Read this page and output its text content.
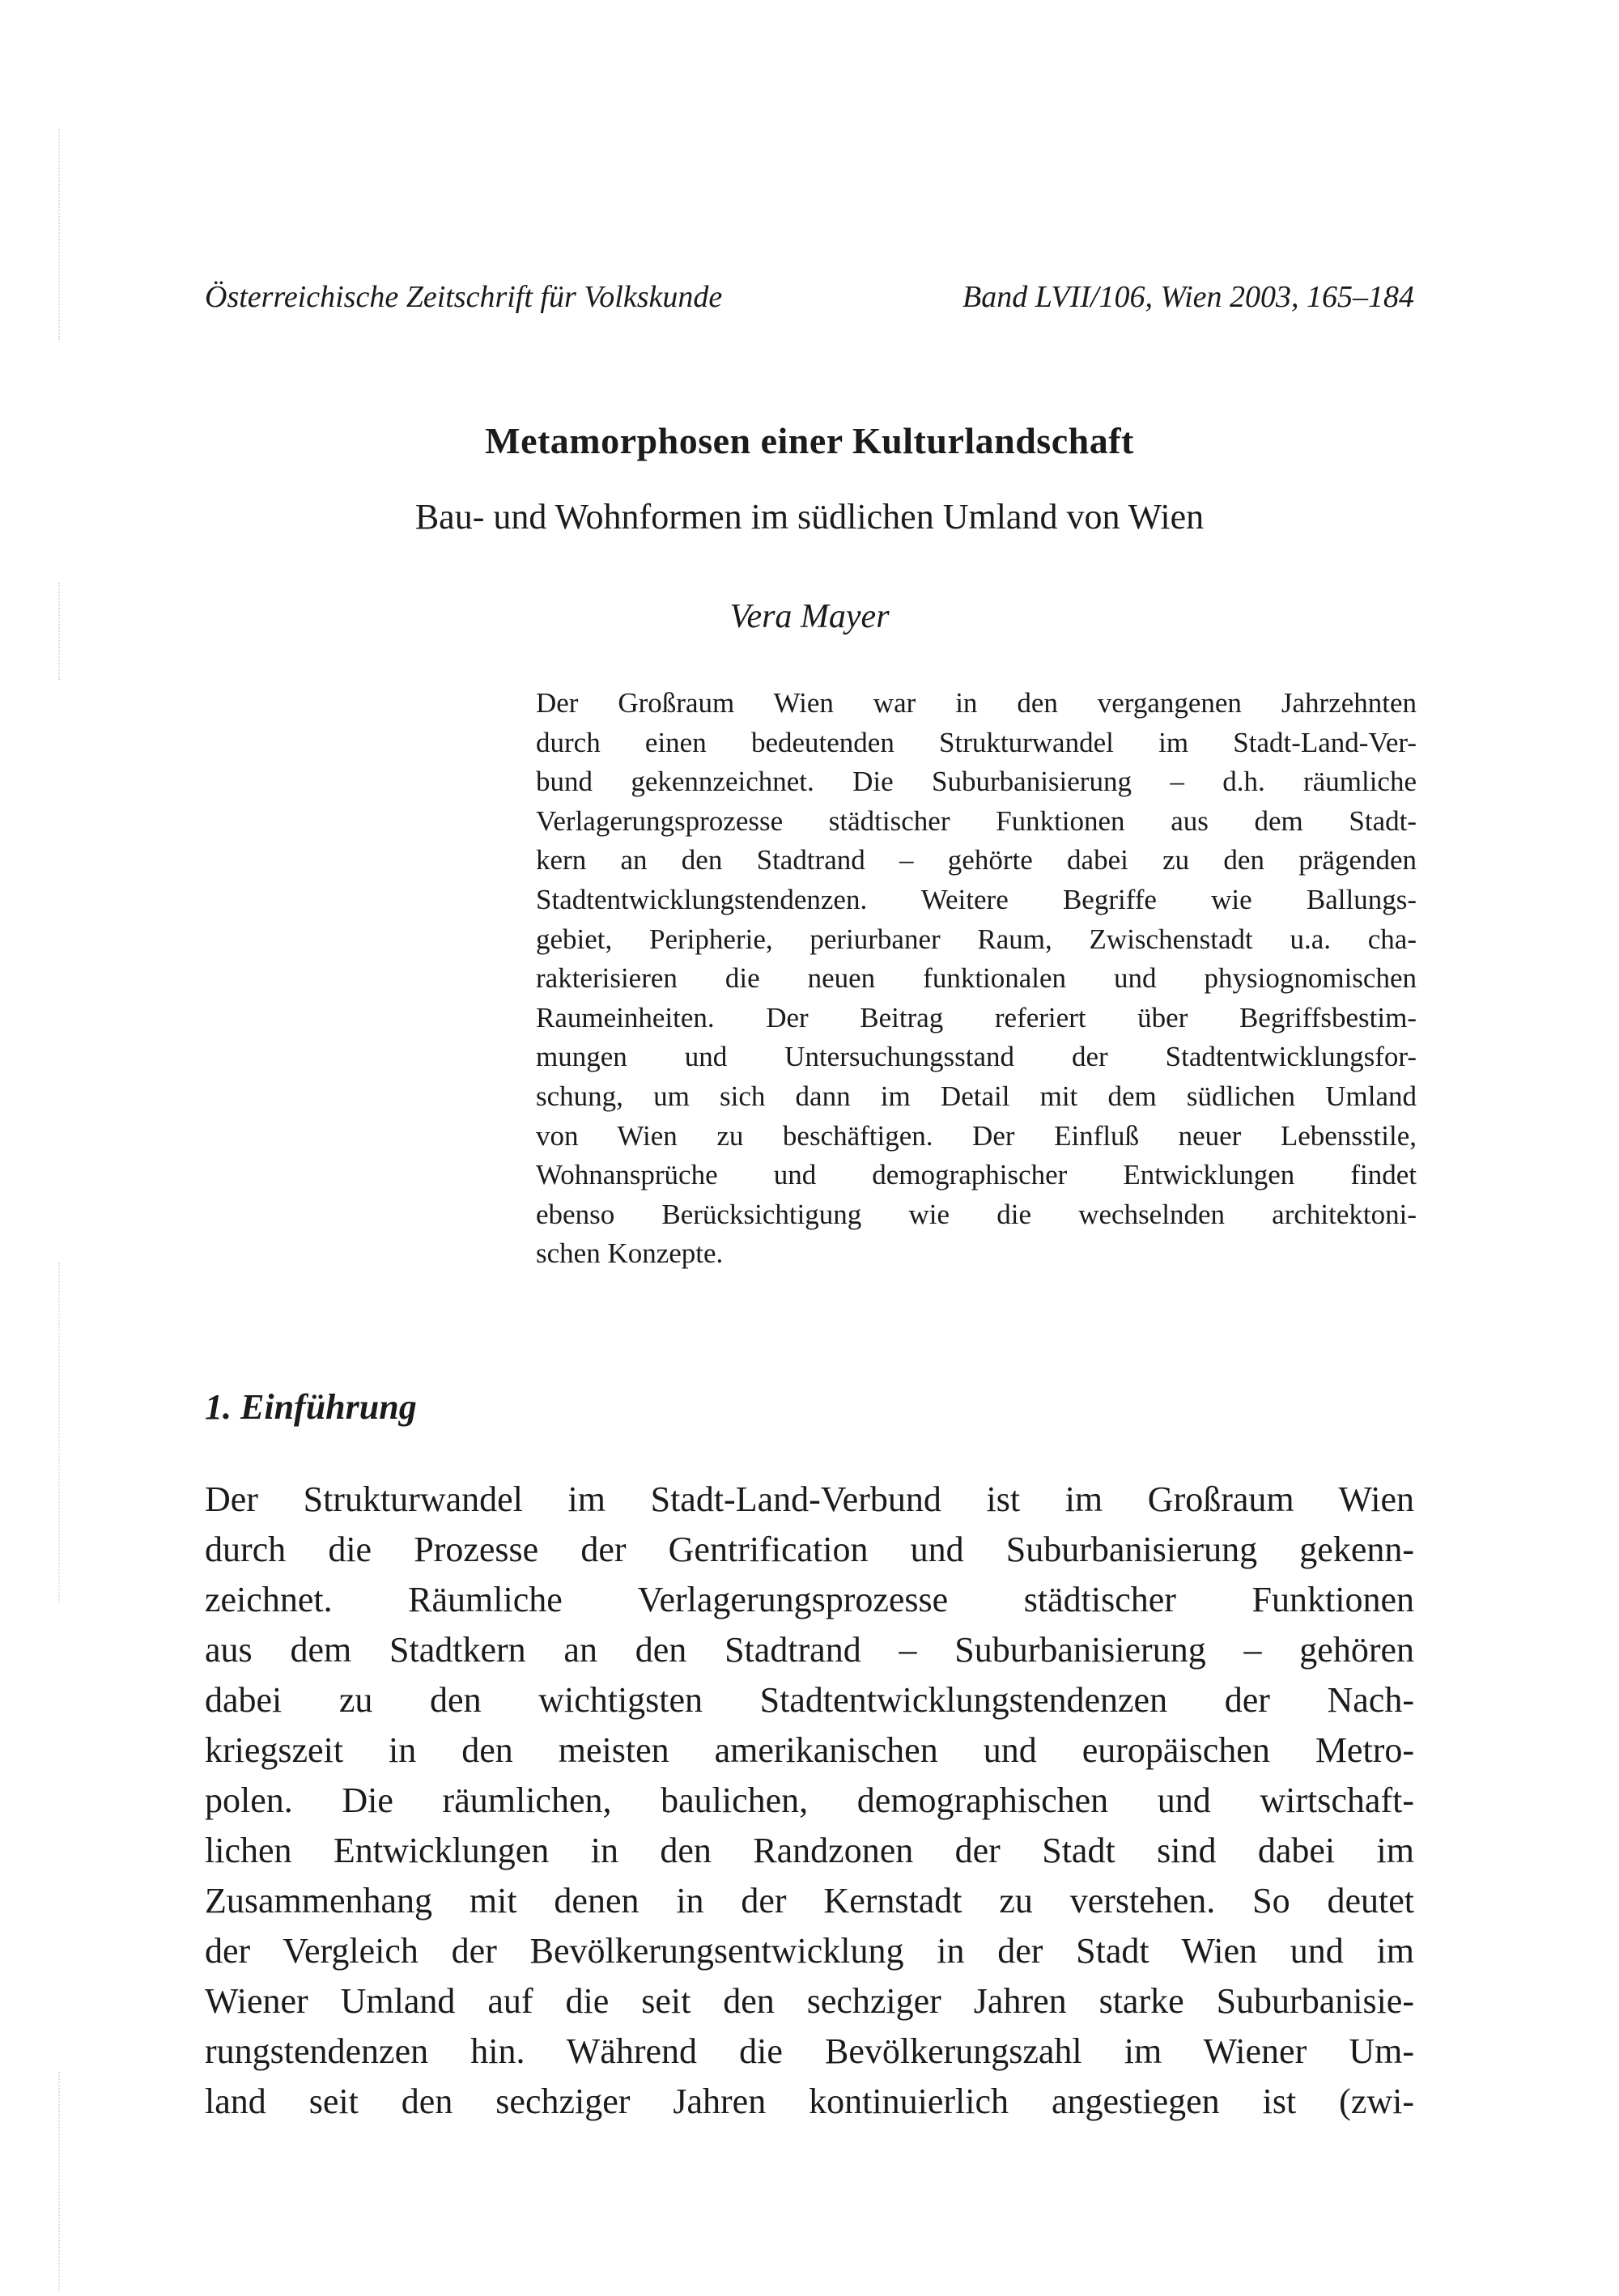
Österreichische Zeitschrift für Volkskunde	Band LVII/106, Wien 2003, 165–184
Metamorphosen einer Kulturlandschaft
Bau- und Wohnformen im südlichen Umland von Wien
Vera Mayer
Der Großraum Wien war in den vergangenen Jahrzehnten
durch einen bedeutenden Strukturwandel im Stadt-Land-Ver-
bund gekennzeichnet. Die Suburbanisierung – d.h. räumliche
Verlagerungsprozesse städtischer Funktionen aus dem Stadt-
kern an den Stadtrand – gehörte dabei zu den prägenden
Stadtentwicklungstendenzen. Weitere Begriffe wie Ballungs-
gebiet, Peripherie, periurbaner Raum, Zwischenstadt u.a. cha-
rakterisieren die neuen funktionalen und physiognomischen
Raumeinheiten. Der Beitrag referiert über Begriffsbestim-
mungen und Untersuchungsstand der Stadtentwicklungsfor-
schung, um sich dann im Detail mit dem südlichen Umland
von Wien zu beschäftigen. Der Einfluß neuer Lebensstile,
Wohnansprüche und demographischer Entwicklungen findet
ebenso Berücksichtigung wie die wechselnden architektoni-
schen Konzepte.
1. Einführung
Der Strukturwandel im Stadt-Land-Verbund ist im Großraum Wien
durch die Prozesse der Gentrification und Suburbanisierung gekenn-
zeichnet. Räumliche Verlagerungsprozesse städtischer Funktionen
aus dem Stadtkern an den Stadtrand – Suburbanisierung – gehören
dabei zu den wichtigsten Stadtentwicklungstendenzen der Nach-
kriegszeit in den meisten amerikanischen und europäischen Metro-
polen. Die räumlichen, baulichen, demographischen und wirtschaft-
lichen Entwicklungen in den Randzonen der Stadt sind dabei im
Zusammenhang mit denen in der Kernstadt zu verstehen. So deutet
der Vergleich der Bevölkerungsentwicklung in der Stadt Wien und im
Wiener Umland auf die seit den sechziger Jahren starke Suburbanisie-
rungstendenzen hin. Während die Bevölkerungszahl im Wiener Um-
land seit den sechziger Jahren kontinuierlich angestiegen ist (zwi-
